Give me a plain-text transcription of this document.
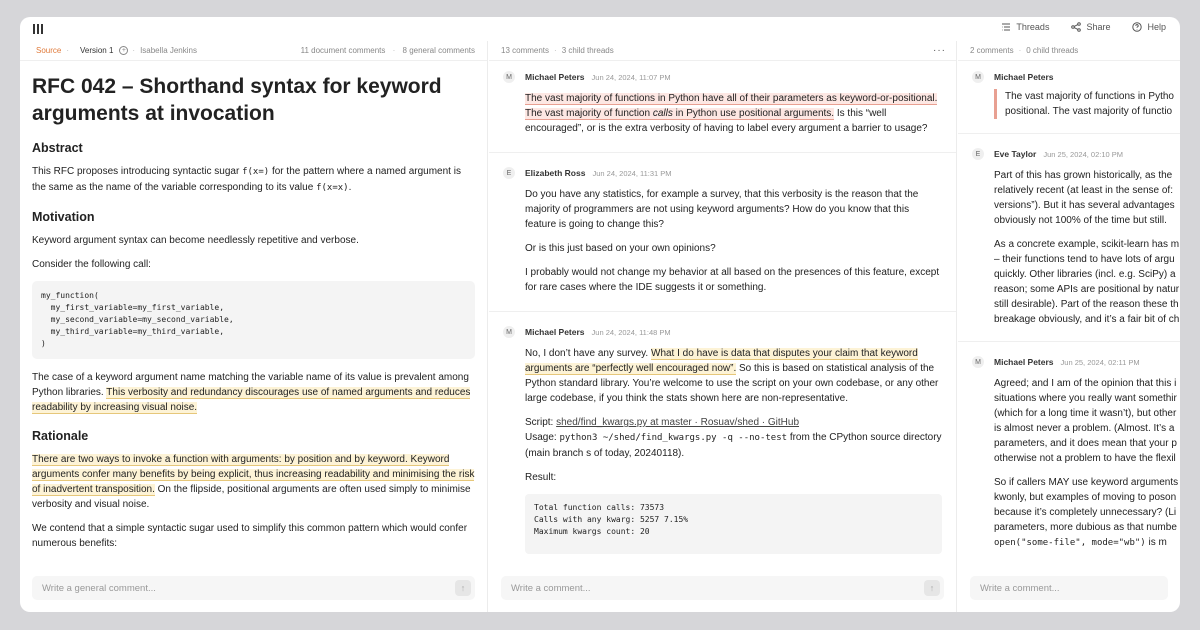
Threads	Share	Help
Source · Version 1	+ · Isabella Jenkins	11 document comments · 8 general comments
RFC 042 – Shorthand syntax for keyword arguments at invocation
Abstract

This RFC proposes introducing syntactic sugar f(x=) for the pattern where a named argument is the same as the name of the variable corresponding to its value f(x=x).

Motivation

Keyword argument syntax can become needlessly repetitive and verbose.

Consider the following call:

my_function(
my_first_variable=my_first_variable,
my_second_variable=my_second_variable,
my_third_variable=my_third_variable,
)

The case of a keyword argument name matching the variable name of its value is prevalent among Python libraries. This verbosity and redundancy discourages use of named arguments and reduces readability by increasing visual noise.

Rationale

There are two ways to invoke a function with arguments: by position and by keyword. Keyword arguments confer many benefits by being explicit, thus increasing readability and minimising the risk of inadvertent transposition. On the flipside, positional arguments are often used simply to minimise verbosity and visual noise.

We contend that a simple syntactic sugar used to simplify this common pattern which would confer numerous benefits:

Write a general comment...	↑
13 comments · 3 child threads	···
M	Michael Peters Jun 24, 2024, 11:07 PM

The vast majority of functions in Python have all of their parameters as keyword-or-positional. The vast majority of function calls in Python use positional arguments. Is this “well encouraged”, or is the extra verbosity of having to label every argument a barrier to usage?

E	Elizabeth Ross Jun 24, 2024, 11:31 PM

Do you have any statistics, for example a survey, that this verbosity is the reason that the majority of programmers are not using keyword arguments? How do you know that this feature is going to change this?

Or is this just based on your own opinions?

I probably would not change my behavior at all based on the presences of this feature, except for rare cases where the IDE suggests it or something.

M	Michael Peters Jun 24, 2024, 11:48 PM

No, I don’t have any survey. What I do have is data that disputes your claim that keyword arguments are “perfectly well encouraged now”. So this is based on statistical analysis of the Python standard library. You’re welcome to use the script on your own codebase, or any other large codebase, if you think the stats shown here are non-representative.

Script: shed/find_kwargs.py at master · Rosuav/shed · GitHub

Usage: python3 ~/shed/find_kwargs.py -q --no-test from the CPython source directory (main branch s of today, 20240118).

Result:

Total function calls: 73573
Calls with any kwarg: 5257 7.15%
Maximum kwargs count: 20
Write a comment...	↑
2 comments · 0 child threads
M	Michael Peters
The vast majority of functions in Pytho
positional. The vast majority of functio
E	Eve Taylor Jun 25, 2024, 02:10 PM

Part of this has grown historically, as the
relatively recent (at least in the sense of:
versions”). But it has several advantages
obviously not 100% of the time but still.

As a concrete example, scikit-learn has m
– their functions tend to have lots of argu
quickly. Other libraries (incl. e.g. SciPy) a
reason; some APIs are positional by natur
still desirable). Part of the reason these th
breakage obviously, and it’s a fair bit of ch

M	Michael Peters Jun 25, 2024, 02:11 PM

Agreed; and I am of the opinion that this i
situations where you really want somethir
(which for a long time it wasn’t), but other
is almost never a problem. (Almost. It’s a
parameters, and it does mean that your p
otherwise not a problem to have the flexil

So if callers MAY use keyword arguments
kwonly, but examples of moving to poson
because it’s completely unnecessary? (Li
parameters, more dubious as that numbe
open("some-file", mode="wb") is m

Write a comment...
